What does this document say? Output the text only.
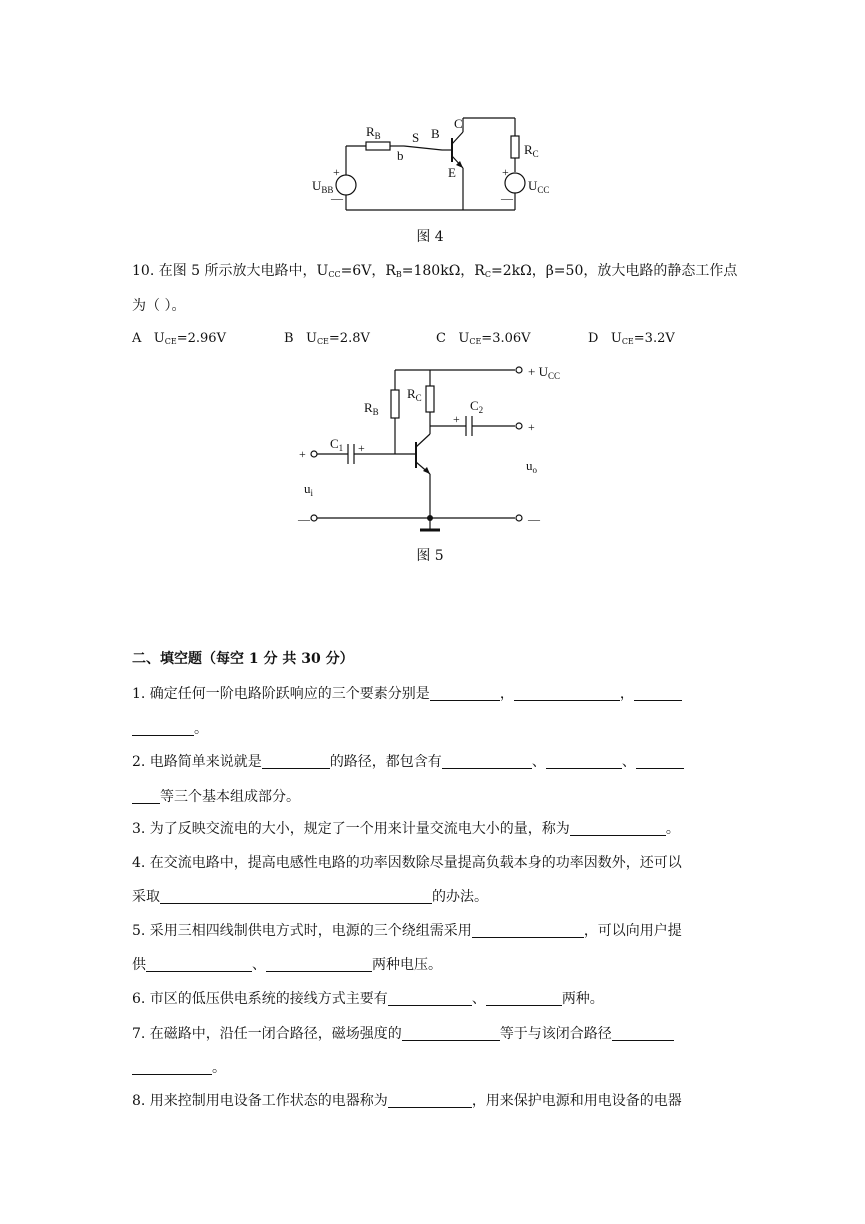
$R_B$ S
b
B
C
E
$R_C$
+
—
$U_{BB}$
+
—
$U_{CC}$
图 4
10. 在图 5 所示放大电路中，$U_{CC}=6V$，$R_B=180k\Omega$，$R_C=2k\Omega$，β=50，放大电路的静态工作点
为（ ）。
A $U_{CE}=2.96V$	B $U_{CE}=2.8V$	C $U_{CE}=3.06V$	D $U_{CE}=3.2V$
+ $U_{CC}$
$R_B$
$R_C$	$C_2$
+
$C_1$ +
+
+
$u_i$
$u_o$
—	—
图 5
二、填空题（每空 1 分 共 30 分）
1. 确定任何一阶电路阶跃响应的三个要素分别是	，	，
。
2. 电路简单来说就是	的路径，都包含有	、	、
等三个基本组成部分。
3. 为了反映交流电的大小，规定了一个用来计量交流电大小的量，称为	。
4. 在交流电路中，提高电感性电路的功率因数除尽量提高负载本身的功率因数外，还可以
采取	的办法。
5. 采用三相四线制供电方式时，电源的三个绕组需采用	，可以向用户提
供	、	两种电压。
6. 市区的低压供电系统的接线方式主要有	、	两种。
7. 在磁路中，沿任一闭合路径，磁场强度的	等于与该闭合路径
。
8. 用来控制用电设备工作状态的电器称为	，用来保护电源和用电设备的电器
